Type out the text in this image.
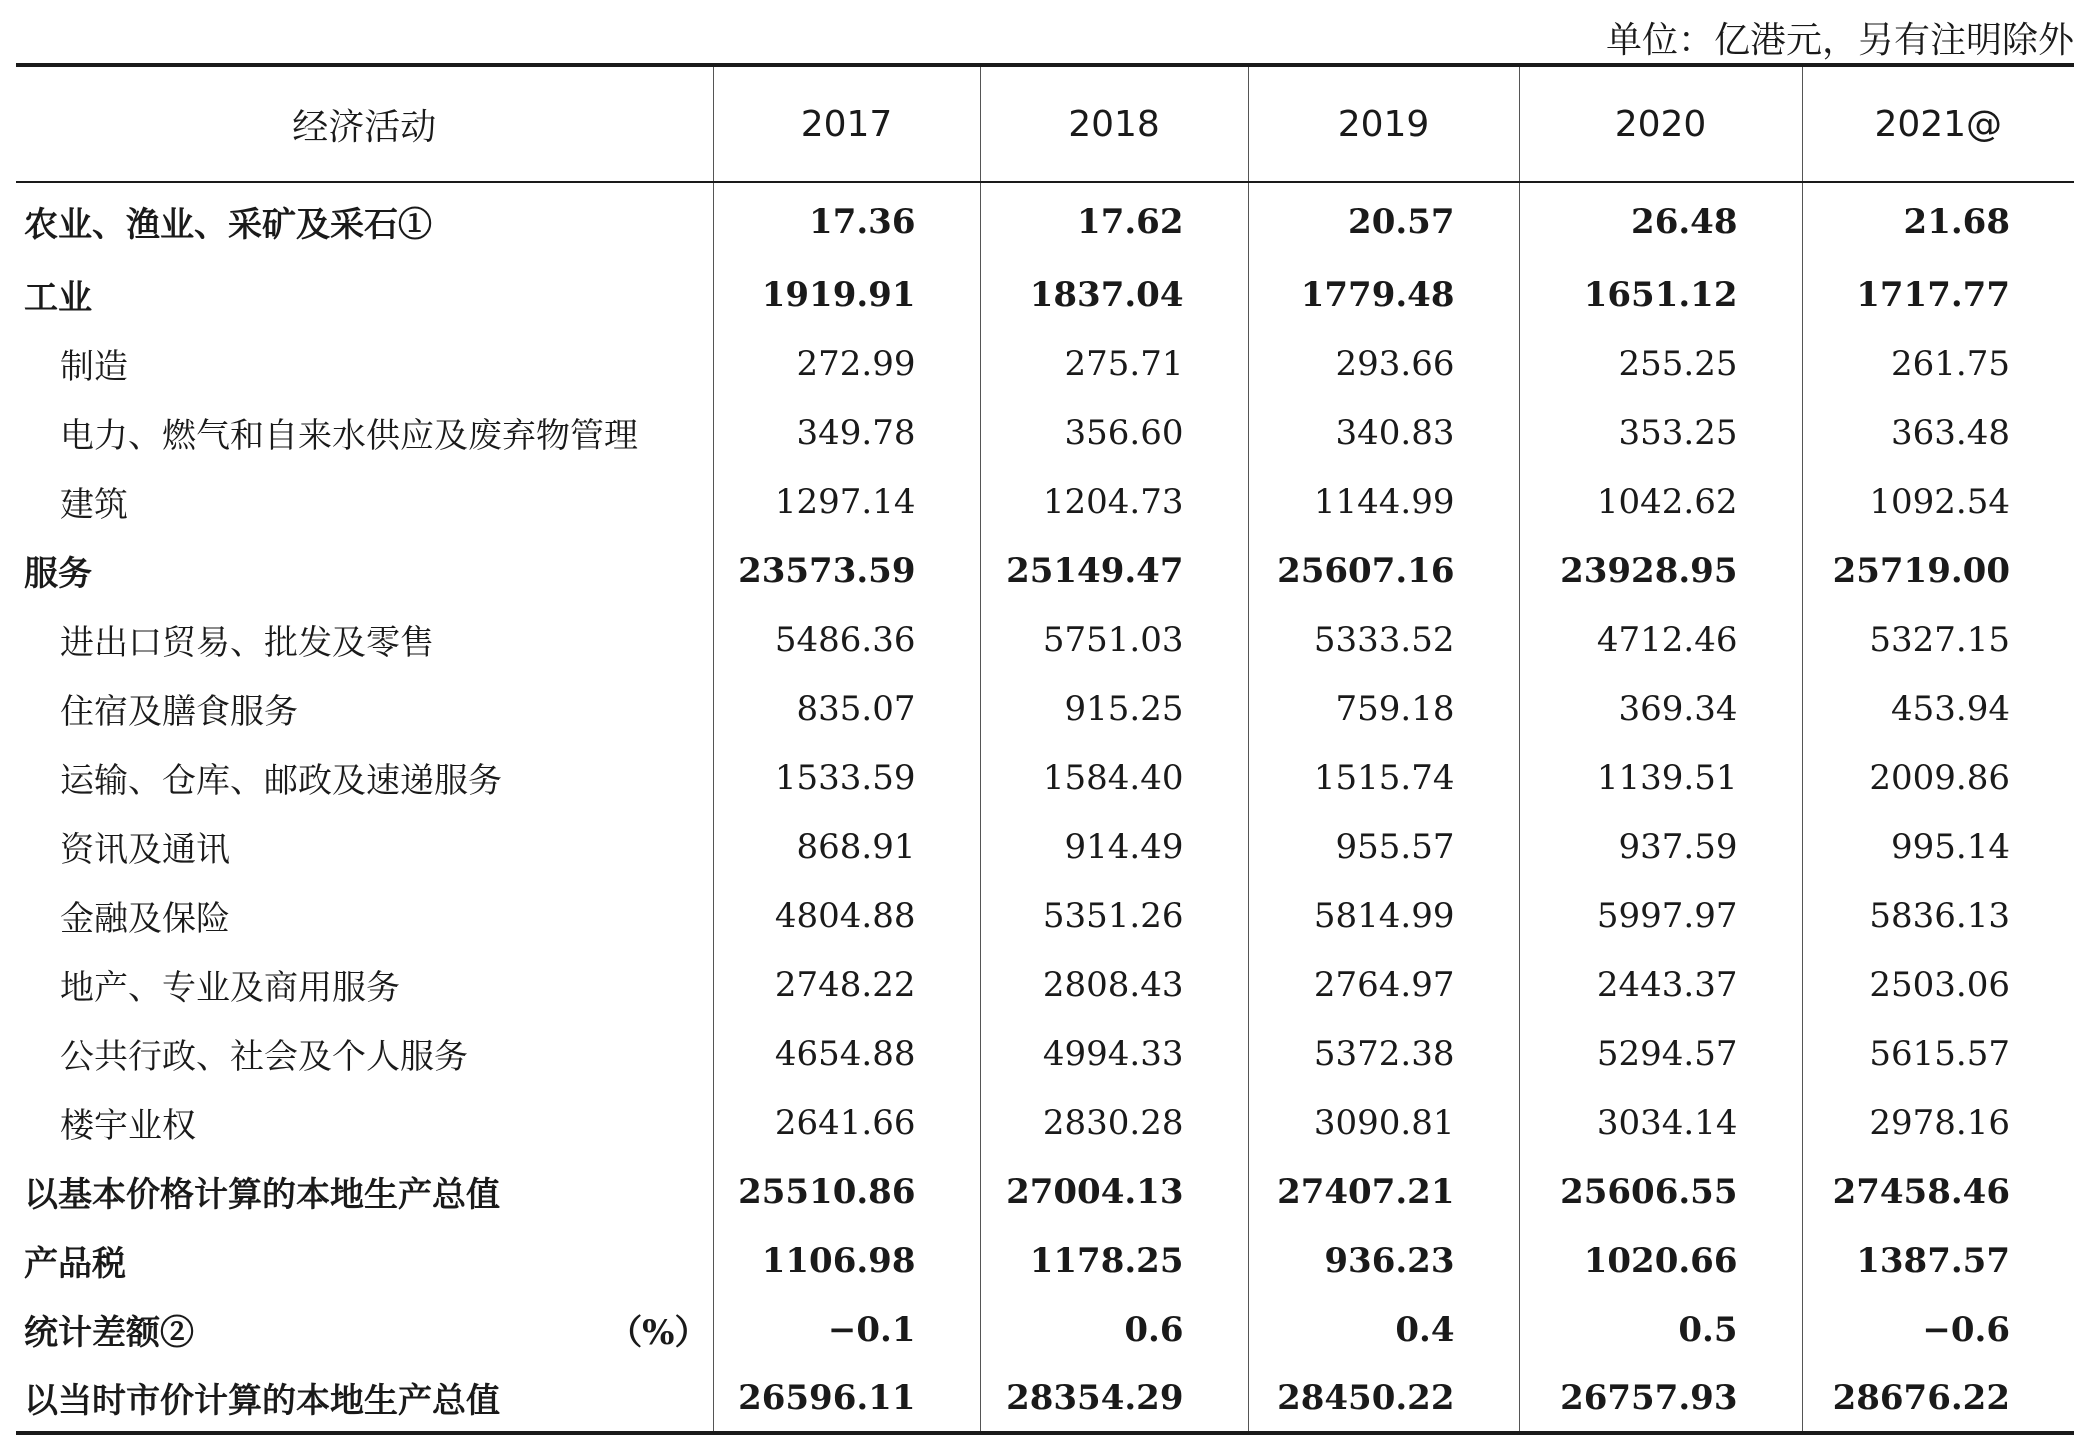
单位：亿港元，另有注明除外
经济活动	2017	2018	2019	2020	2021@
农业、渔业、采矿及采石①	17.36	17.62	20.57	26.48	21.68
工业	1919.91	1837.04	1779.48	1651.12	1717.77
制造	272.99	275.71	293.66	255.25	261.75
电力、燃气和自来水供应及废弃物管理	349.78	356.60	340.83	353.25	363.48
建筑	1297.14	1204.73	1144.99	1042.62	1092.54
服务	23573.59	25149.47	25607.16	23928.95	25719.00
进出口贸易、批发及零售	5486.36	5751.03	5333.52	4712.46	5327.15
住宿及膳食服务	835.07	915.25	759.18	369.34	453.94
运输、仓库、邮政及速递服务	1533.59	1584.40	1515.74	1139.51	2009.86
资讯及通讯	868.91	914.49	955.57	937.59	995.14
金融及保险	4804.88	5351.26	5814.99	5997.97	5836.13
地产、专业及商用服务	2748.22	2808.43	2764.97	2443.37	2503.06
公共行政、社会及个人服务	4654.88	4994.33	5372.38	5294.57	5615.57
楼宇业权	2641.66	2830.28	3090.81	3034.14	2978.16
以基本价格计算的本地生产总值	25510.86	27004.13	27407.21	25606.55	27458.46
产品税	1106.98	1178.25	936.23	1020.66	1387.57
统计差额② （%）	−0.1	0.6	0.4	0.5	−0.6
以当时市价计算的本地生产总值	26596.11	28354.29	28450.22	26757.93	28676.22
